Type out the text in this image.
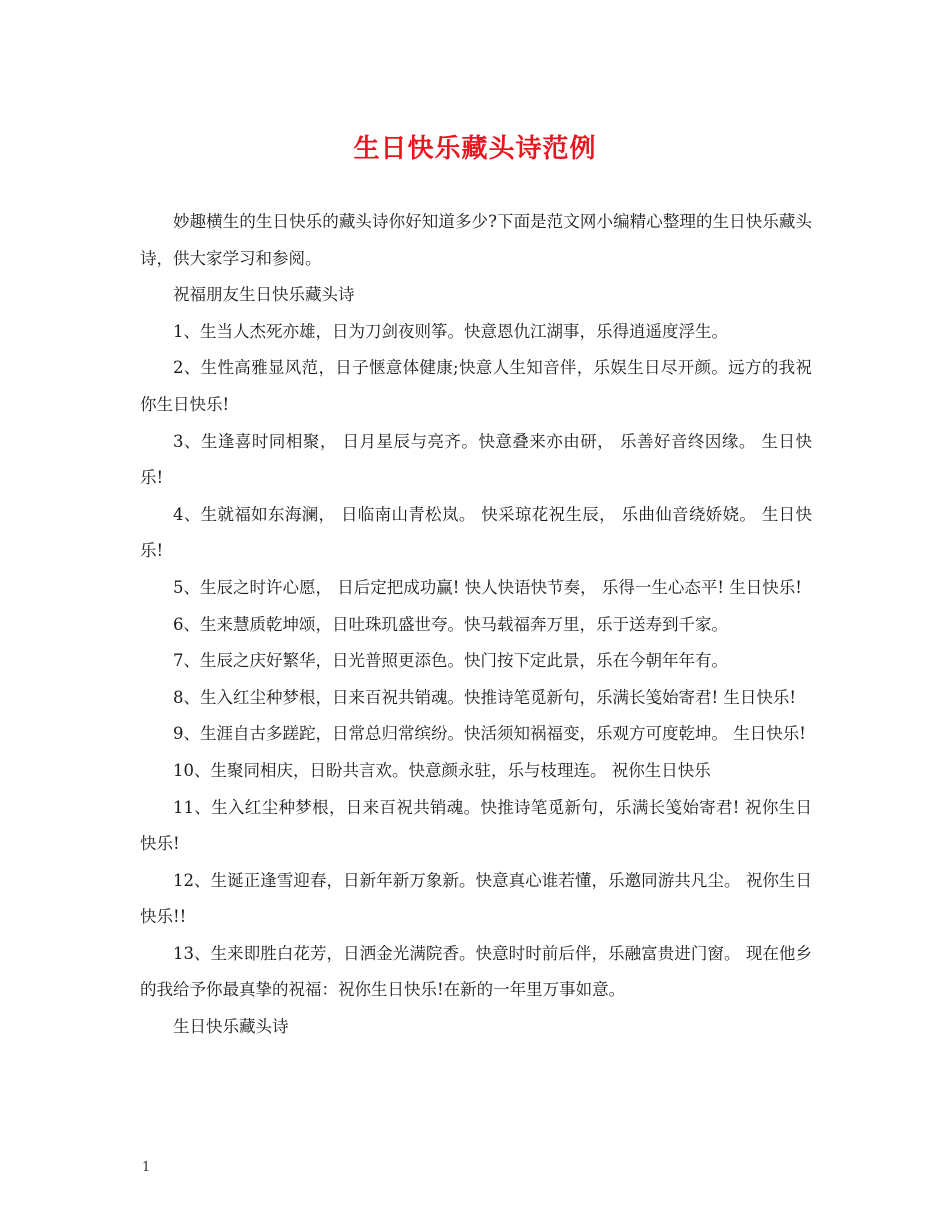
生日快乐藏头诗范例

妙趣横生的生日快乐的藏头诗你好知道多少?下面是范文网小编精心整理的生日快乐藏头诗，供大家学习和参阅。

祝福朋友生日快乐藏头诗

1、生当人杰死亦雄，日为刀剑夜则筝。快意恩仇江湖事，乐得逍遥度浮生。

2、生性高雅显风范，日子惬意体健康;快意人生知音伴，乐娱生日尽开颜。远方的我祝你生日快乐!

3、生逢喜时同相聚， 日月星辰与亮齐。快意叠来亦由研， 乐善好音终因缘。 生日快乐!

4、生就福如东海澜， 日临南山青松岚。 快采琼花祝生辰， 乐曲仙音绕娇娆。 生日快乐!

5、生辰之时许心愿， 日后定把成功赢! 快人快语快节奏， 乐得一生心态平! 生日快乐!

6、生来慧质乾坤颂，日吐珠玑盛世夸。快马载福奔万里，乐于送寿到千家。

7、生辰之庆好繁华，日光普照更添色。快门按下定此景，乐在今朝年年有。

8、生入红尘种梦根，日来百祝共销魂。快推诗笔觅新句，乐满长笺始寄君! 生日快乐!

9、生涯自古多蹉跎，日常总归常缤纷。快活须知祸福变，乐观方可度乾坤。 生日快乐!

10、生聚同相庆，日盼共言欢。快意颜永驻，乐与枝理连。 祝你生日快乐

11、生入红尘种梦根，日来百祝共销魂。快推诗笔觅新句，乐满长笺始寄君! 祝你生日快乐!

12、生诞正逢雪迎春，日新年新万象新。快意真心谁若懂，乐邀同游共凡尘。 祝你生日快乐!!

13、生来即胜白花芳，日洒金光满院香。快意时时前后伴，乐融富贵进门窗。 现在他乡的我给予你最真挚的祝福：祝你生日快乐!在新的一年里万事如意。

生日快乐藏头诗

1
